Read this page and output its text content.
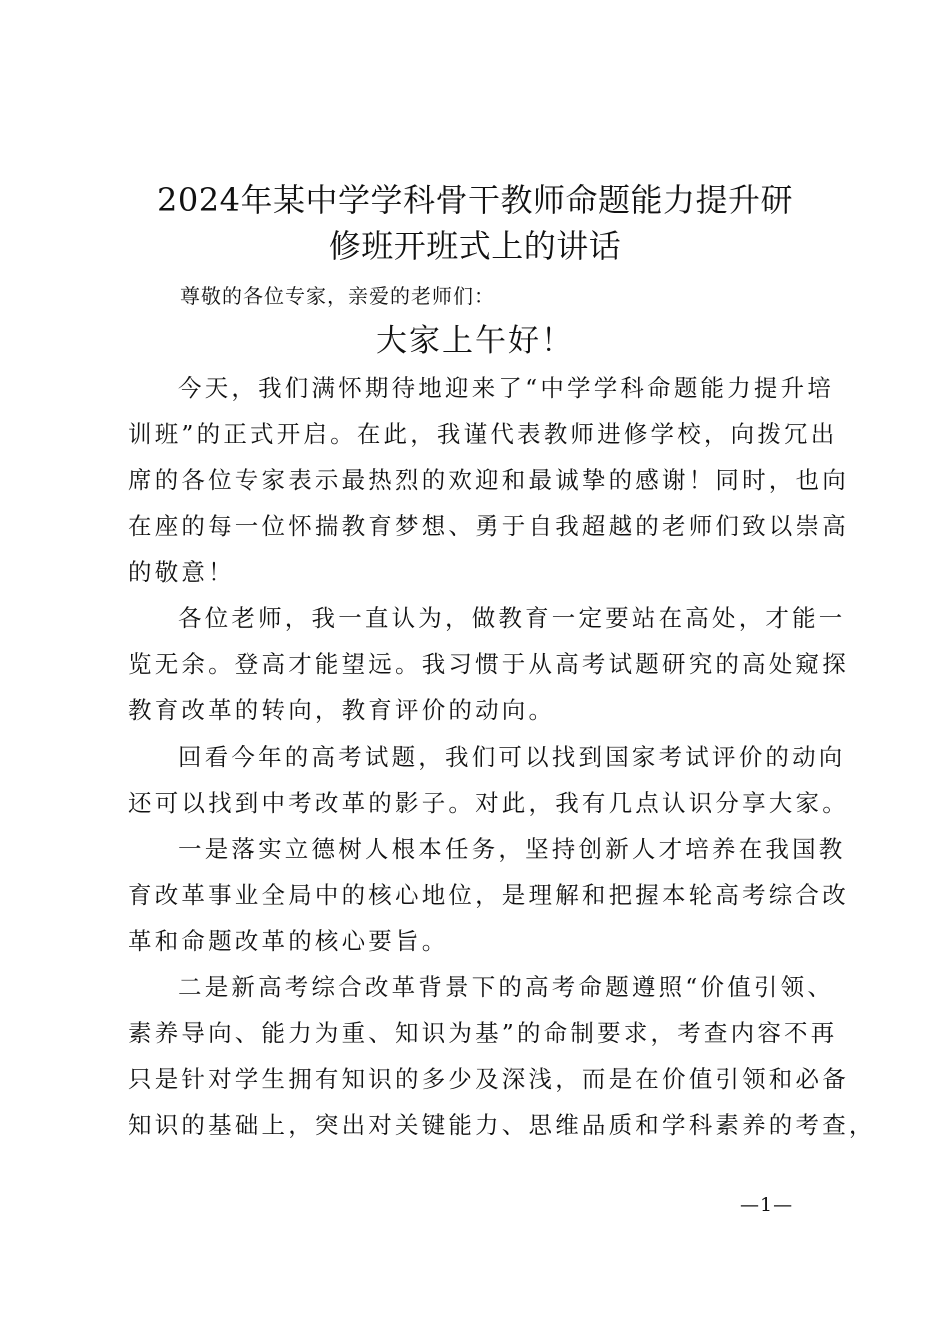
2024年某中学学科骨干教师命题能力提升研
修班开班式上的讲话
尊敬的各位专家，亲爱的老师们：
大家上午好！
今天，我们满怀期待地迎来了“中学学科命题能力提升培
训班”的正式开启。在此，我谨代表教师进修学校，向拨冗出
席的各位专家表示最热烈的欢迎和最诚挚的感谢！同时，也向
在座的每一位怀揣教育梦想、勇于自我超越的老师们致以崇高
的敬意！
各位老师，我一直认为，做教育一定要站在高处，才能一
览无余。登高才能望远。我习惯于从高考试题研究的高处窥探
教育改革的转向，教育评价的动向。
回看今年的高考试题，我们可以找到国家考试评价的动向
还可以找到中考改革的影子。对此，我有几点认识分享大家。
一是落实立德树人根本任务，坚持创新人才培养在我国教
育改革事业全局中的核心地位，是理解和把握本轮高考综合改
革和命题改革的核心要旨。
二是新高考综合改革背景下的高考命题遵照“价值引领、
素养导向、能力为重、知识为基”的命制要求，考查内容不再
只是针对学生拥有知识的多少及深浅，而是在价值引领和必备
知识的基础上，突出对关键能力、思维品质和学科素养的考查，
—1—
